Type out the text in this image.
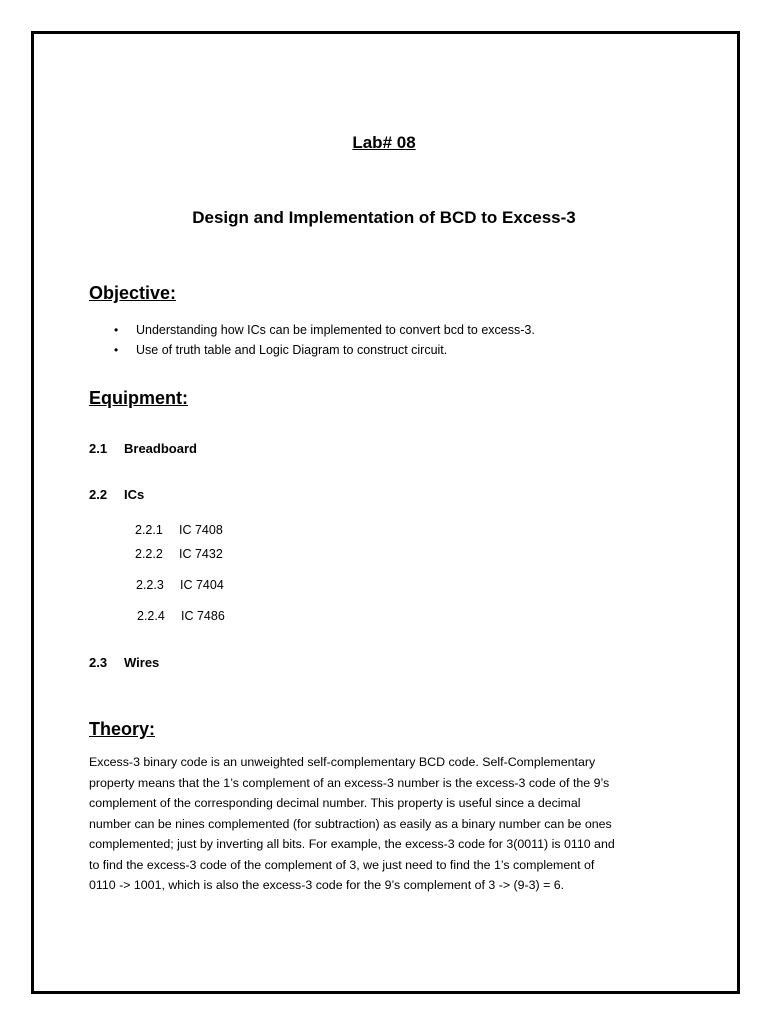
Lab# 08
Design and Implementation of BCD to Excess-3
Objective:
• Understanding how ICs can be implemented to convert bcd to excess-3.
• Use of truth table and Logic Diagram to construct circuit.
Equipment:
2.1 Breadboard
2.2 ICs
2.2.1 IC 7408
2.2.2 IC 7432
2.2.3 IC 7404
2.2.4 IC 7486
2.3 Wires
Theory:

Excess-3 binary code is an unweighted self-complementary BCD code. Self-Complementary
property means that the 1’s complement of an excess-3 number is the excess-3 code of the 9’s
complement of the corresponding decimal number. This property is useful since a decimal
number can be nines complemented (for subtraction) as easily as a binary number can be ones
complemented; just by inverting all bits. For example, the excess-3 code for 3(0011) is 0110 and
to find the excess-3 code of the complement of 3, we just need to find the 1’s complement of
0110 -> 1001, which is also the excess-3 code for the 9’s complement of 3 -> (9-3) = 6.
